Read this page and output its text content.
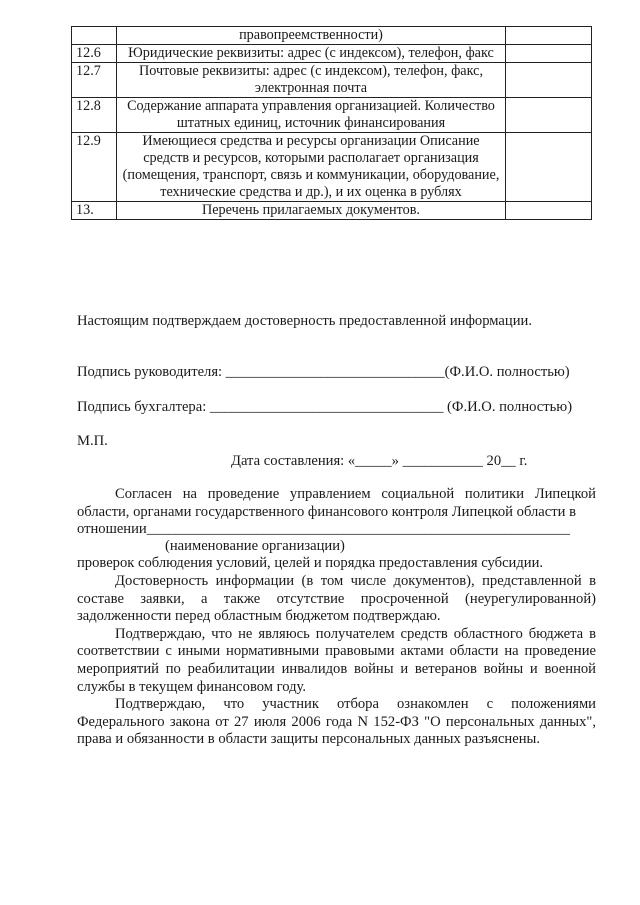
	правопреемственности)	
12.6	Юридические реквизиты: адрес (с индексом), телефон, факс	
12.7	Почтовые реквизиты: адрес (с индексом), телефон, факс, электронная почта	
12.8	Содержание аппарата управления организацией. Количество штатных единиц, источник финансирования	
12.9	Имеющиеся средства и ресурсы организации Описание средств и ресурсов, которыми располагает организация (помещения, транспорт, связь и коммуникации, оборудование, технические средства и др.), и их оценка в рублях	
13.	Перечень прилагаемых документов.	
Настоящим подтверждаем достоверность предоставленной информации.
Подпись руководителя: ______________________________(Ф.И.О. полностью)
Подпись бухгалтера: ________________________________ (Ф.И.О. полностью)
М.П.
Дата составления: «_____» ___________ 20__ г.

Согласен на проведение управлением социальной политики Липецкой области, органами государственного финансового контроля Липецкой области в

отношении__________________________________________________________

(наименование организации)

проверок соблюдения условий, целей и порядка предоставления субсидии.

Достоверность информации (в том числе документов), представленной в составе заявки, а также отсутствие просроченной (неурегулированной) задолженности перед областным бюджетом подтверждаю.

Подтверждаю, что не являюсь получателем средств областного бюджета в соответствии с иными нормативными правовыми актами области на проведение мероприятий по реабилитации инвалидов войны и ветеранов войны и военной службы в текущем финансовом году.

Подтверждаю, что участник отбора ознакомлен с положениями Федерального закона от 27 июля 2006 года N 152-ФЗ "О персональных данных", права и обязанности в области защиты персональных данных разъяснены.
